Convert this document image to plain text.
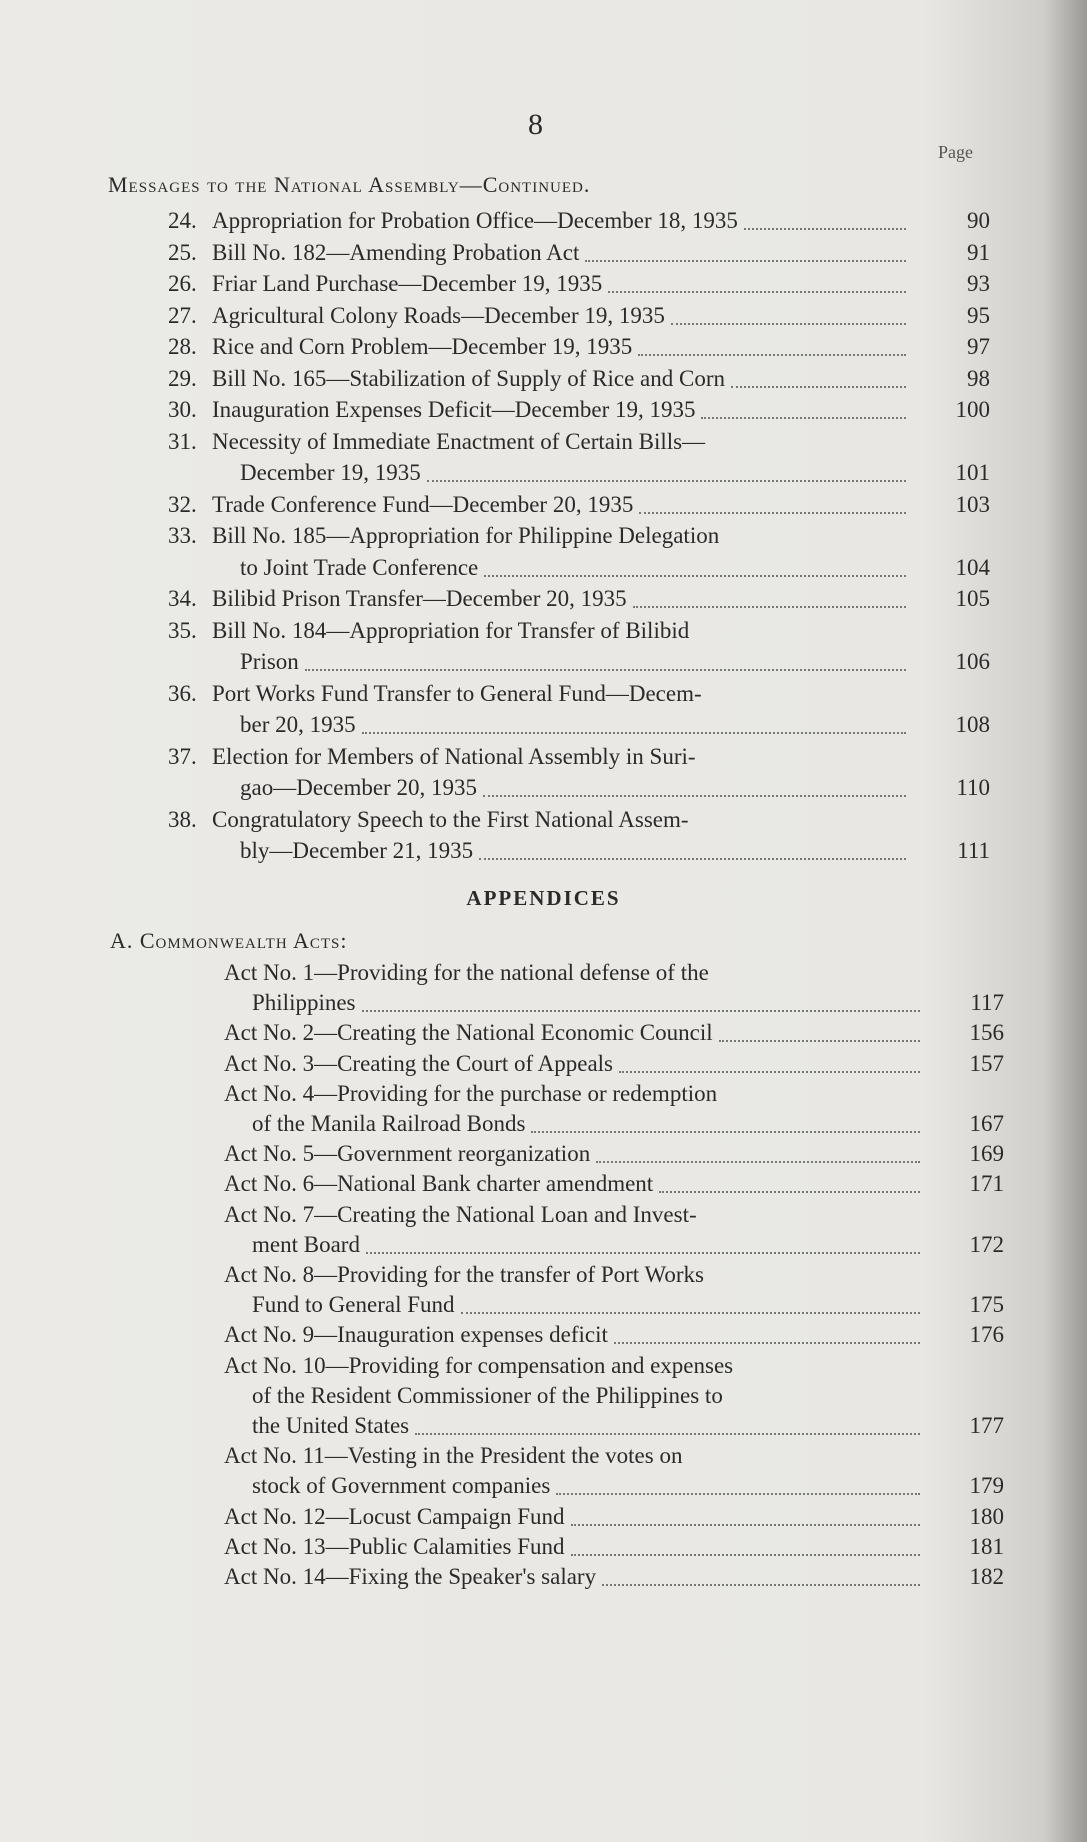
8
Page
Messages to the National Assembly—Continued.
24. Appropriation for Probation Office—December 18, 1935	90
25. Bill No. 182—Amending Probation Act	91
26. Friar Land Purchase—December 19, 1935	93
27. Agricultural Colony Roads—December 19, 1935	95
28. Rice and Corn Problem—December 19, 1935	97
29. Bill No. 165—Stabilization of Supply of Rice and Corn	98
30. Inauguration Expenses Deficit—December 19, 1935	100
31. Necessity of Immediate Enactment of Certain Bills—
December 19, 1935	101
32. Trade Conference Fund—December 20, 1935	103
33. Bill No. 185—Appropriation for Philippine Delegation
to Joint Trade Conference	104
34. Bilibid Prison Transfer—December 20, 1935	105
35. Bill No. 184—Appropriation for Transfer of Bilibid
Prison	106
36. Port Works Fund Transfer to General Fund—Decem-
ber 20, 1935	108
37. Election for Members of National Assembly in Suri-
gao—December 20, 1935	110
38. Congratulatory Speech to the First National Assem-
bly—December 21, 1935	111
APPENDICES
A. Commonwealth Acts:
Act No. 1—Providing for the national defense of the
Philippines	117
Act No. 2—Creating the National Economic Council	156
Act No. 3—Creating the Court of Appeals	157
Act No. 4—Providing for the purchase or redemption
of the Manila Railroad Bonds	167
Act No. 5—Government reorganization	169
Act No. 6—National Bank charter amendment	171
Act No. 7—Creating the National Loan and Invest-
ment Board	172
Act No. 8—Providing for the transfer of Port Works
Fund to General Fund	175
Act No. 9—Inauguration expenses deficit	176
Act No. 10—Providing for compensation and expenses
of the Resident Commissioner of the Philippines to
the United States	177
Act No. 11—Vesting in the President the votes on
stock of Government companies	179
Act No. 12—Locust Campaign Fund	180
Act No. 13—Public Calamities Fund	181
Act No. 14—Fixing the Speaker's salary	182
